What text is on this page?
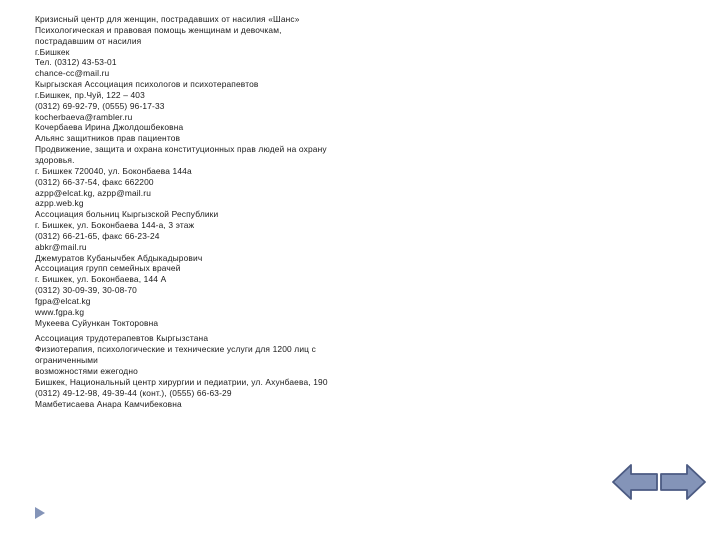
Кризисный центр для женщин, пострадавших от насилия «Шанс»
Психологическая и правовая помощь женщинам и девочкам,
пострадавшим от насилия
г.Бишкек
Тел. (0312) 43-53-01
chance-cc@mail.ru
Кыргызская Ассоциация психологов и психотерапевтов
г.Бишкек, пр.Чуй, 122 – 403
(0312) 69-92-79, (0555) 96-17-33
kocherbaeva@rambler.ru
Кочербаева Ирина Джолдошбековна
Альянс защитников прав пациентов
Продвижение, защита и охрана конституционных прав людей на охрану
здоровья.
г. Бишкек 720040, ул. Боконбаева 144а
(0312) 66-37-54, факс 662200
azpp@elcat.kg, azpp@mail.ru
azpp.web.kg
Ассоциация больниц Кыргызской Республики
г. Бишкек, ул. Боконбаева 144-а, 3 этаж
(0312) 66-21-65, факс 66-23-24
abkr@mail.ru
Джемуратов Кубанычбек Абдыкадырович
Ассоциация групп семейных врачей
г. Бишкек, ул. Боконбаева, 144 А
(0312) 30-09-39, 30-08-70
fgpa@elcat.kg
www.fgpa.kg
Мукеева Суйункан Токторовна
Ассоциация трудотерапевтов Кыргызстана
Физиотерапия, психологические и технические услуги для 1200 лиц с
ограниченными
возможностями ежегодно
Бишкек, Национальный центр хирургии и педиатрии, ул. Ахунбаева, 190
(0312) 49-12-98, 49-39-44 (конт.), (0555) 66-63-29
Мамбетисаева Анара Камчибековна
